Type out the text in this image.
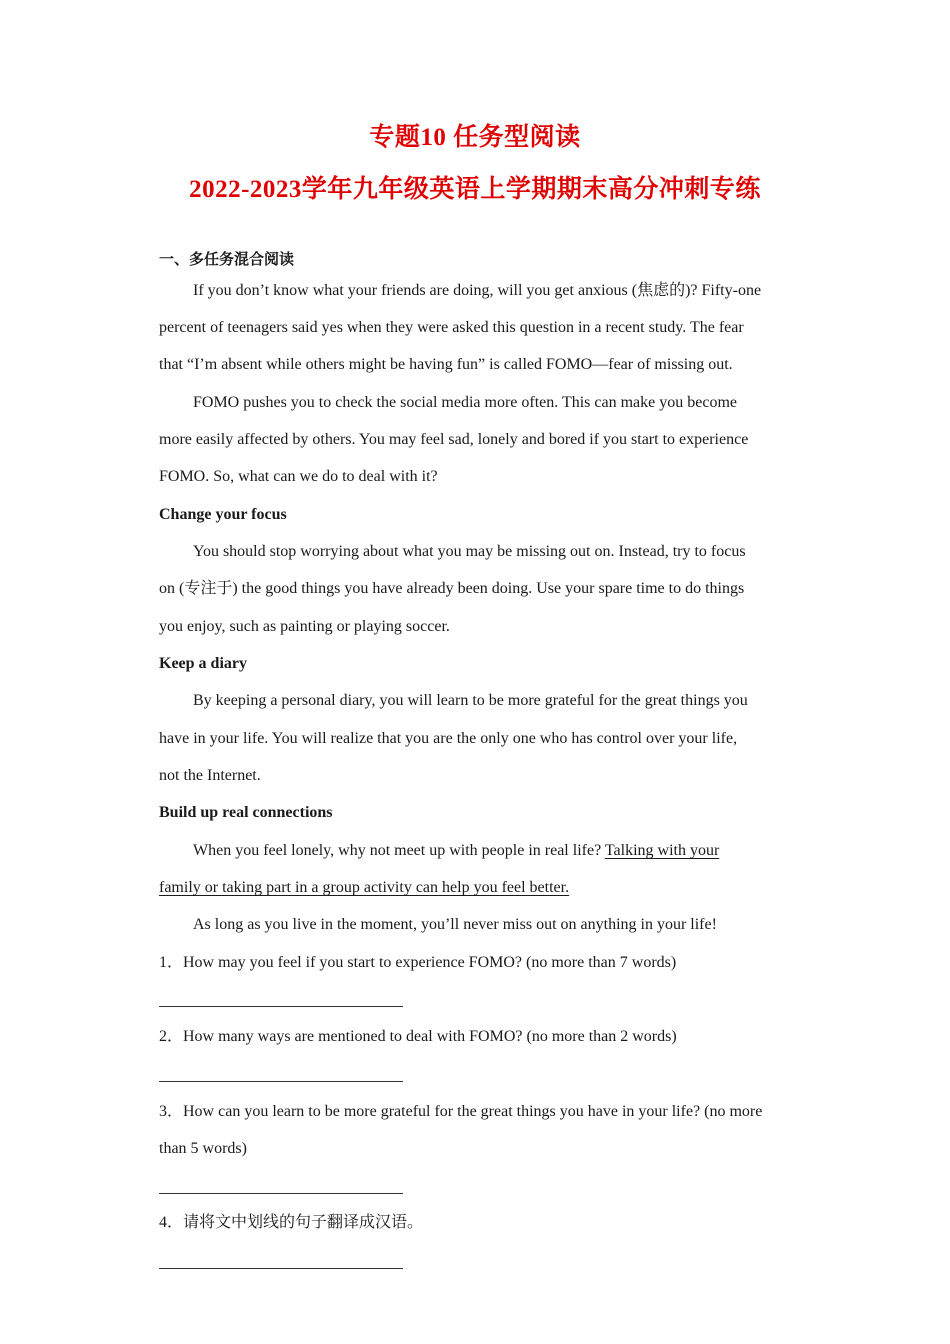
专题10 任务型阅读
2022-2023学年九年级英语上学期期末高分冲刺专练
一、多任务混合阅读
If you don’t know what your friends are doing, will you get anxious (焦虑的)? Fifty-one
percent of teenagers said yes when they were asked this question in a recent study. The fear
that “I’m absent while others might be having fun” is called FOMO—fear of missing out.
FOMO pushes you to check the social media more often. This can make you become
more easily affected by others. You may feel sad, lonely and bored if you start to experience
FOMO. So, what can we do to deal with it?
Change your focus
You should stop worrying about what you may be missing out on. Instead, try to focus
on (专注于) the good things you have already been doing. Use your spare time to do things
you enjoy, such as painting or playing soccer.
Keep a diary
By keeping a personal diary, you will learn to be more grateful for the great things you
have in your life. You will realize that you are the only one who has control over your life,
not the Internet.
Build up real connections
When you feel lonely, why not meet up with people in real life? Talking with your
family or taking part in a group activity can help you feel better.
As long as you live in the moment, you’ll never miss out on anything in your life!
1．How may you feel if you start to experience FOMO? (no more than 7 words)
2．How many ways are mentioned to deal with FOMO? (no more than 2 words)
3．How can you learn to be more grateful for the great things you have in your life? (no more
than 5 words)
4．请将文中划线的句子翻译成汉语。
